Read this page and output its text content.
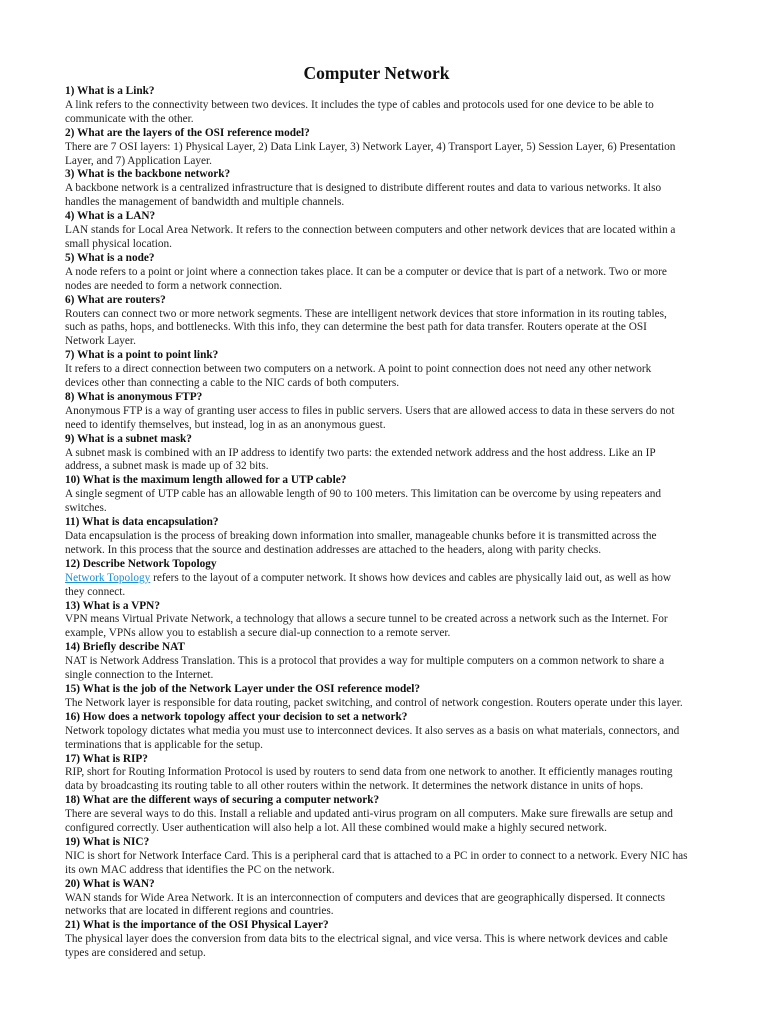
Computer Network

1) What is a Link?

A link refers to the connectivity between two devices. It includes the type of cables and protocols used for one device to be able to communicate with the other.

2) What are the layers of the OSI reference model?

There are 7 OSI layers: 1) Physical Layer, 2) Data Link Layer, 3) Network Layer, 4) Transport Layer, 5) Session Layer, 6) Presentation Layer, and 7) Application Layer.

3) What is the backbone network?

A backbone network is a centralized infrastructure that is designed to distribute different routes and data to various networks. It also handles the management of bandwidth and multiple channels.

4) What is a LAN?

LAN stands for Local Area Network. It refers to the connection between computers and other network devices that are located within a small physical location.

5) What is a node?

A node refers to a point or joint where a connection takes place. It can be a computer or device that is part of a network. Two or more nodes are needed to form a network connection.

6) What are routers?

Routers can connect two or more network segments. These are intelligent network devices that store information in its routing tables, such as paths, hops, and bottlenecks. With this info, they can determine the best path for data transfer. Routers operate at the OSI Network Layer.

7) What is a point to point link?

It refers to a direct connection between two computers on a network. A point to point connection does not need any other network devices other than connecting a cable to the NIC cards of both computers.

8) What is anonymous FTP?

Anonymous FTP is a way of granting user access to files in public servers. Users that are allowed access to data in these servers do not need to identify themselves, but instead, log in as an anonymous guest.

9) What is a subnet mask?

A subnet mask is combined with an IP address to identify two parts: the extended network address and the host address. Like an IP address, a subnet mask is made up of 32 bits.

10) What is the maximum length allowed for a UTP cable?

A single segment of UTP cable has an allowable length of 90 to 100 meters. This limitation can be overcome by using repeaters and switches.

11) What is data encapsulation?

Data encapsulation is the process of breaking down information into smaller, manageable chunks before it is transmitted across the network. In this process that the source and destination addresses are attached to the headers, along with parity checks.

12) Describe Network Topology

Network Topology refers to the layout of a computer network. It shows how devices and cables are physically laid out, as well as how they connect.

13) What is a VPN?

VPN means Virtual Private Network, a technology that allows a secure tunnel to be created across a network such as the Internet. For example, VPNs allow you to establish a secure dial-up connection to a remote server.

14) Briefly describe NAT

NAT is Network Address Translation. This is a protocol that provides a way for multiple computers on a common network to share a single connection to the Internet.

15) What is the job of the Network Layer under the OSI reference model?

The Network layer is responsible for data routing, packet switching, and control of network congestion. Routers operate under this layer.

16) How does a network topology affect your decision to set a network?

Network topology dictates what media you must use to interconnect devices. It also serves as a basis on what materials, connectors, and terminations that is applicable for the setup.

17) What is RIP?

RIP, short for Routing Information Protocol is used by routers to send data from one network to another. It efficiently manages routing data by broadcasting its routing table to all other routers within the network. It determines the network distance in units of hops.

18) What are the different ways of securing a computer network?

There are several ways to do this. Install a reliable and updated anti-virus program on all computers. Make sure firewalls are setup and configured correctly. User authentication will also help a lot. All these combined would make a highly secured network.

19) What is NIC?

NIC is short for Network Interface Card. This is a peripheral card that is attached to a PC in order to connect to a network. Every NIC has its own MAC address that identifies the PC on the network.

20) What is WAN?

WAN stands for Wide Area Network. It is an interconnection of computers and devices that are geographically dispersed. It connects networks that are located in different regions and countries.

21) What is the importance of the OSI Physical Layer?

The physical layer does the conversion from data bits to the electrical signal, and vice versa. This is where network devices and cable types are considered and setup.
